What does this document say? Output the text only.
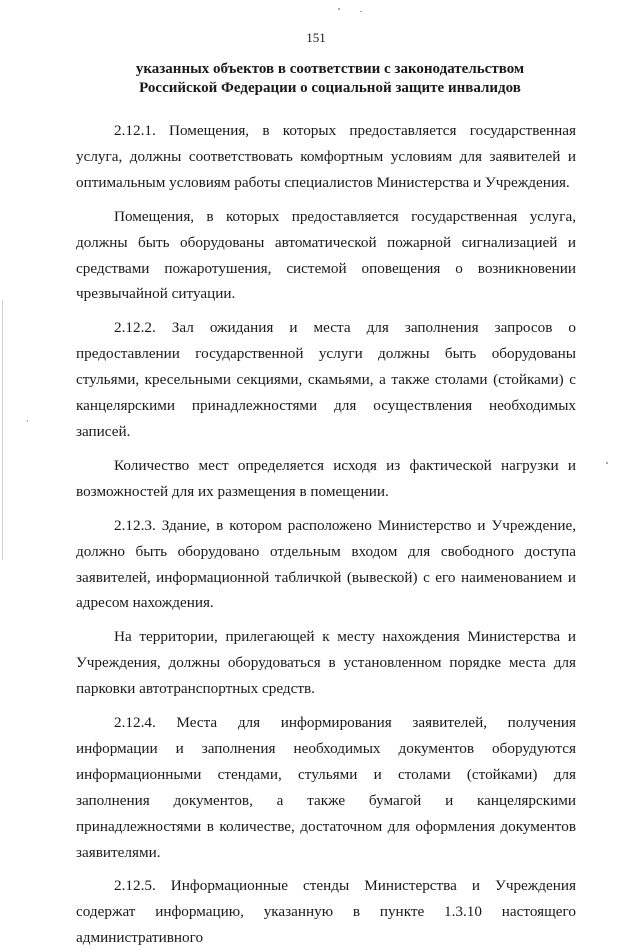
151
указанных объектов в соответствии с законодательством
Российской Федерации о социальной защите инвалидов

2.12.1. Помещения, в которых предоставляется государственная услуга, должны соответствовать комфортным условиям для заявителей и оптимальным условиям работы специалистов Министерства и Учреждения.

Помещения, в которых предоставляется государственная услуга, должны быть оборудованы автоматической пожарной сигнализацией и средствами пожаротушения, системой оповещения о возникновении чрезвычайной ситуации.

2.12.2. Зал ожидания и места для заполнения запросов о предоставлении государственной услуги должны быть оборудованы стульями, кресельными секциями, скамьями, а также столами (стойками) с канцелярскими принадлежностями для осуществления необходимых записей.

Количество мест определяется исходя из фактической нагрузки и возможностей для их размещения в помещении.

2.12.3. Здание, в котором расположено Министерство и Учреждение, должно быть оборудовано отдельным входом для свободного доступа заявителей, информационной табличкой (вывеской) с его наименованием и адресом нахождения.

На территории, прилегающей к месту нахождения Министерства и Учреждения, должны оборудоваться в установленном порядке места для парковки автотранспортных средств.

2.12.4. Места для информирования заявителей, получения информации и заполнения необходимых документов оборудуются информационными стендами, стульями и столами (стойками) для заполнения документов, а также бумагой и канцелярскими принадлежностями в количестве, достаточном для оформления документов заявителями.

2.12.5. Информационные стенды Министерства и Учреждения содержат информацию, указанную в пункте 1.3.10 настоящего административного
